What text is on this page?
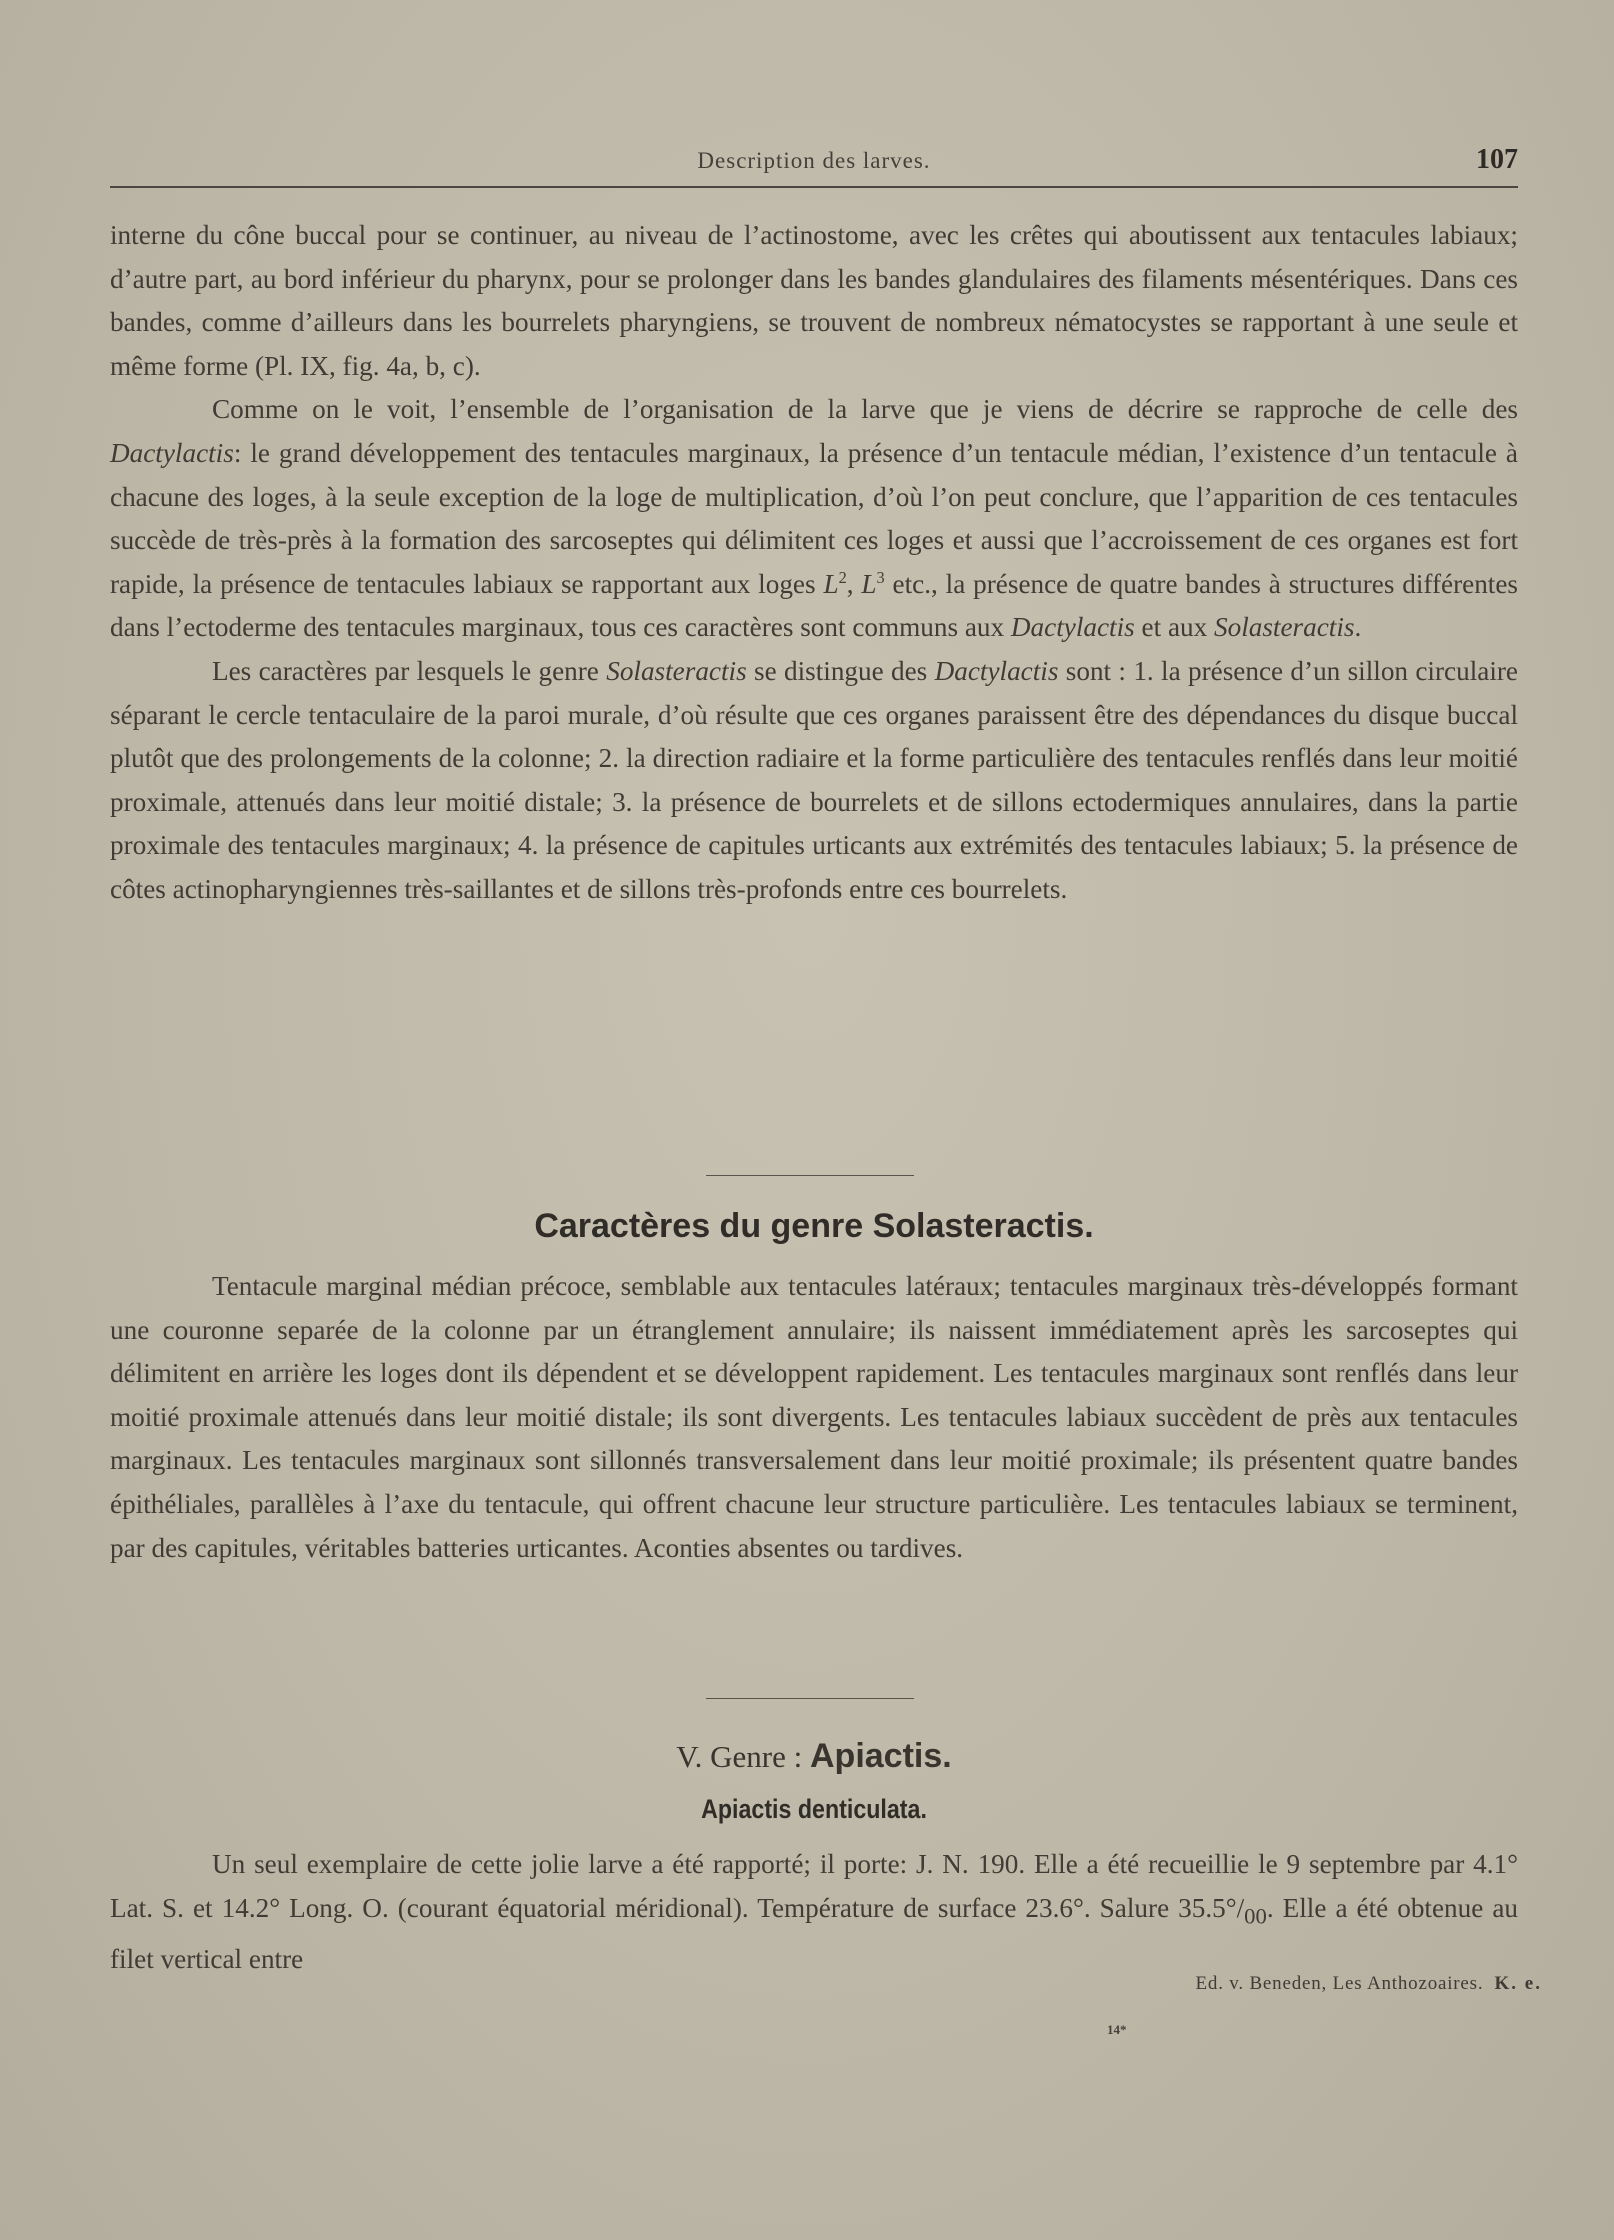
Description des larves.	107

interne du cône buccal pour se continuer, au niveau de l’actinostome, avec les crêtes qui aboutissent aux tentacules labiaux; d’autre part, au bord inférieur du pharynx, pour se prolonger dans les bandes glandulaires des filaments mésentériques. Dans ces bandes, comme d’ailleurs dans les bourrelets pharyngiens, se trouvent de nombreux nématocystes se rapportant à une seule et même forme (Pl. IX, fig. 4a, b, c).

Comme on le voit, l’ensemble de l’organisation de la larve que je viens de décrire se rapproche de celle des Dactylactis: le grand développement des tentacules marginaux, la présence d’un tentacule médian, l’existence d’un tentacule à chacune des loges, à la seule exception de la loge de multiplication, d’où l’on peut conclure, que l’apparition de ces tentacules succède de très-près à la formation des sarcoseptes qui délimitent ces loges et aussi que l’accroissement de ces organes est fort rapide, la présence de tentacules labiaux se rapportant aux loges $L^2$, $L^3$ etc., la présence de quatre bandes à structures différentes dans l’ectoderme des tentacules marginaux, tous ces caractères sont communs aux Dactylactis et aux Solasteractis.

Les caractères par lesquels le genre Solasteractis se distingue des Dactylactis sont : 1. la présence d’un sillon circulaire séparant le cercle tentaculaire de la paroi murale, d’où résulte que ces organes paraissent être des dépendances du disque buccal plutôt que des prolongements de la colonne; 2. la direction radiaire et la forme particulière des tentacules renflés dans leur moitié proximale, attenués dans leur moitié distale; 3. la présence de bourrelets et de sillons ectodermiques annulaires, dans la partie proximale des tentacules marginaux; 4. la présence de capitules urticants aux extrémités des tentacules labiaux; 5. la présence de côtes actinopharyngiennes très-saillantes et de sillons très-profonds entre ces bourrelets.

Caractères du genre Solasteractis.

Tentacule marginal médian précoce, semblable aux tentacules latéraux; tentacules marginaux très-développés formant une couronne separée de la colonne par un étranglement annulaire; ils naissent immédiatement après les sarcoseptes qui délimitent en arrière les loges dont ils dépendent et se développent rapidement. Les tentacules marginaux sont renflés dans leur moitié proximale attenués dans leur moitié distale; ils sont divergents. Les tentacules labiaux succèdent de près aux tentacules marginaux. Les tentacules marginaux sont sillonnés transversalement dans leur moitié proximale; ils présentent quatre bandes épithéliales, parallèles à l’axe du tentacule, qui offrent chacune leur structure particulière. Les tentacules labiaux se terminent, par des capitules, véritables batteries urticantes. Aconties absentes ou tardives.

V. Genre : Apiactis.
Apiactis denticulata.

Un seul exemplaire de cette jolie larve a été rapporté; il porte: J. N. 190. Elle a été recueillie le 9 septembre par 4.1° Lat. S. et 14.2° Long. O. (courant équatorial méridional). Température de surface 23.6°. Salure $35.5^\circ/_{00}$. Elle a été obtenue au filet vertical entre

Ed. v. Beneden, Les Anthozoaires. K. e.
14*
